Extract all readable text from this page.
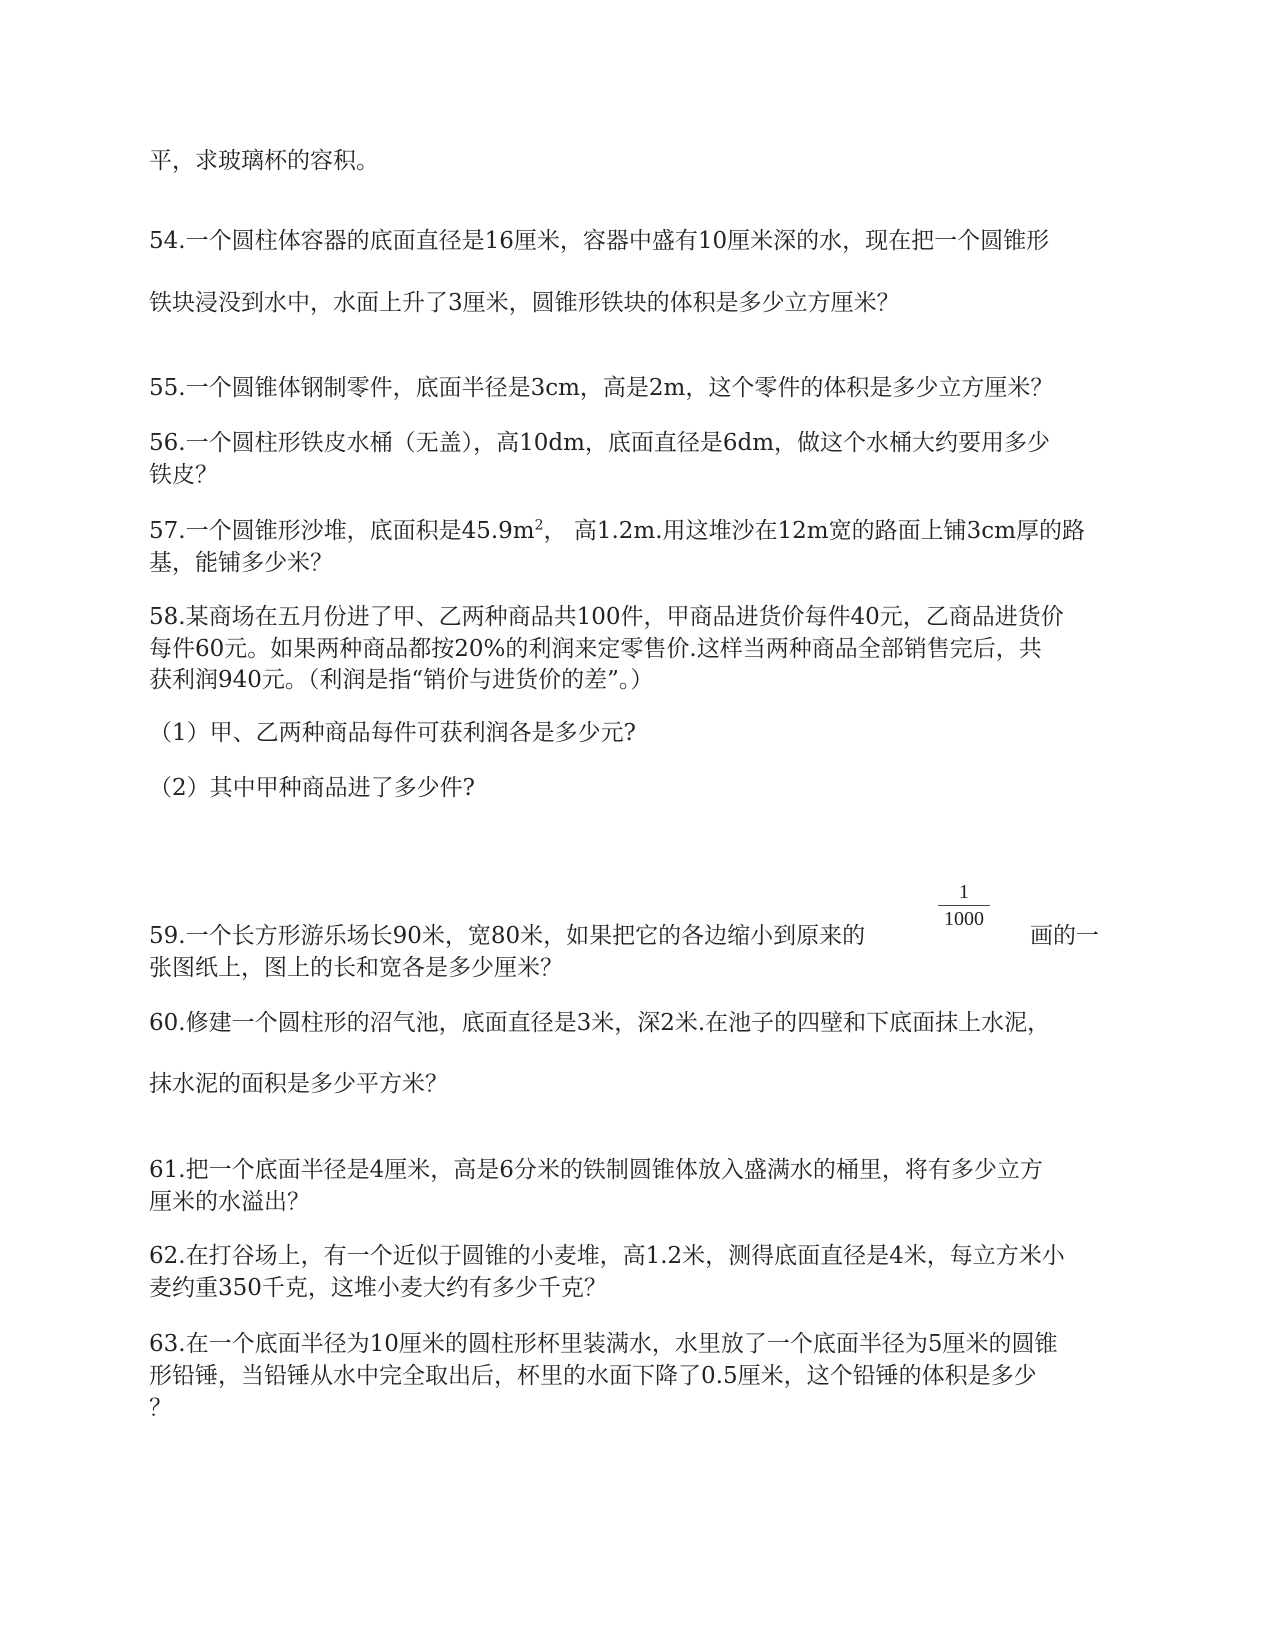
平，求玻璃杯的容积。
54.一个圆柱体容器的底面直径是16厘米，容器中盛有10厘米深的水，现在把一个圆锥形
铁块浸没到水中，水面上升了3厘米，圆锥形铁块的体积是多少立方厘米？
55.一个圆锥体钢制零件，底面半径是3cm，高是2m，这个零件的体积是多少立方厘米？
56.一个圆柱形铁皮水桶（无盖），高10dm，底面直径是6dm，做这个水桶大约要用多少
铁皮？
57.一个圆锥形沙堆，底面积是$45.9m^2$， 高1.2m.用这堆沙在12m宽的路面上铺3cm厚的路
基，能铺多少米？
58.某商场在五月份进了甲、乙两种商品共100件，甲商品进货价每件40元，乙商品进货价
每件60元。如果两种商品都按20%的利润来定零售价.这样当两种商品全部销售完后，共
获利润940元。（利润是指“销价与进货价的差”。）
（1）甲、乙两种商品每件可获利润各是多少元?
（2）其中甲种商品进了多少件?
59.一个长方形游乐场长90米，宽80米，如果把它的各边缩小到原来的
$\frac{1}{1000}$
画的一
张图纸上，图上的长和宽各是多少厘米？
60.修建一个圆柱形的沼气池，底面直径是3米，深2米.在池子的四壁和下底面抹上水泥，
抹水泥的面积是多少平方米？
61.把一个底面半径是4厘米，高是6分米的铁制圆锥体放入盛满水的桶里，将有多少立方
厘米的水溢出？
62.在打谷场上，有一个近似于圆锥的小麦堆，高1.2米，测得底面直径是4米，每立方米小
麦约重350千克，这堆小麦大约有多少千克？
63.在一个底面半径为10厘米的圆柱形杯里装满水，水里放了一个底面半径为5厘米的圆锥
形铅锤，当铅锤从水中完全取出后，杯里的水面下降了0.5厘米，这个铅锤的体积是多少
？
